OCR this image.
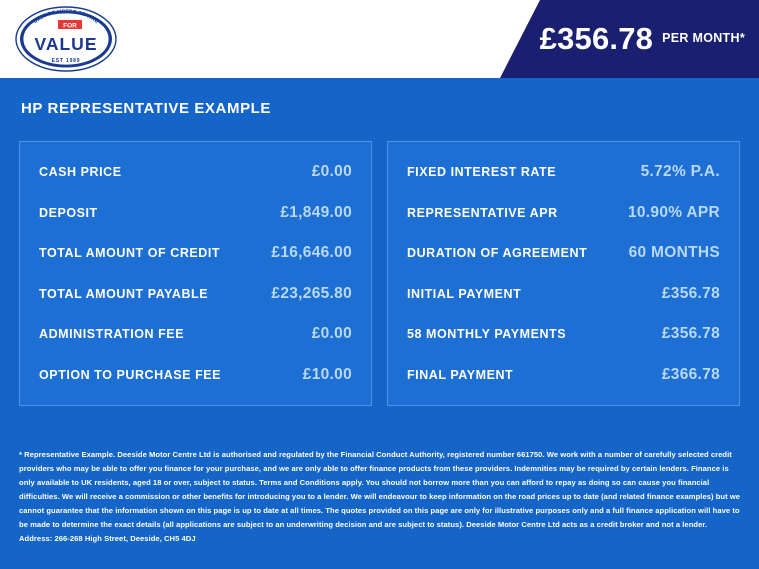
DEESIDE MOTOR CENTRE
FOR
VALUE
EST 1989
£356.78 PER MONTH*
HP REPRESENTATIVE EXAMPLE
CASH PRICE	£0.00
DEPOSIT	£1,849.00
TOTAL AMOUNT OF CREDIT	£16,646.00
TOTAL AMOUNT PAYABLE	£23,265.80
ADMINISTRATION FEE	£0.00
OPTION TO PURCHASE FEE	£10.00
FIXED INTEREST RATE	5.72% P.A.
REPRESENTATIVE APR	10.90% APR
DURATION OF AGREEMENT	60 MONTHS
INITIAL PAYMENT	£356.78
58 MONTHLY PAYMENTS	£356.78
FINAL PAYMENT	£366.78
* Representative Example. Deeside Motor Centre Ltd is authorised and regulated by the Financial Conduct Authority, registered number 661750. We work with a number of carefully selected credit providers who may be able to offer you finance for your purchase, and we are only able to offer finance products from these providers. Indemnities may be required by certain lenders. Finance is only available to UK residents, aged 18 or over, subject to status. Terms and Conditions apply. You should not borrow more than you can afford to repay as doing so can cause you financial difficulties. We will receive a commission or other benefits for introducing you to a lender. We will endeavour to keep information on the road prices up to date (and related finance examples) but we cannot guarantee that the information shown on this page is up to date at all times. The quotes provided on this page are only for illustrative purposes only and a full finance application will have to be made to determine the exact details (all applications are subject to an underwriting decision and are subject to status). Deeside Motor Centre Ltd acts as a credit broker and not a lender. Address: 266-268 High Street, Deeside, CH5 4DJ
